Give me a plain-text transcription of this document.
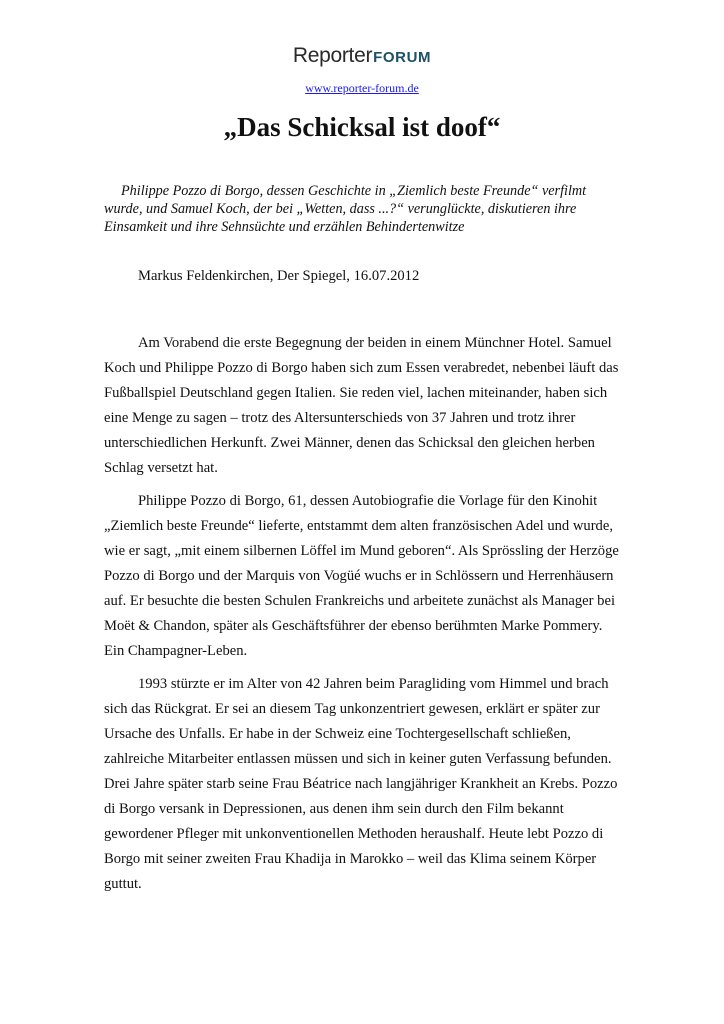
ReporterFORUM
www.reporter-forum.de
„Das Schicksal ist doof“

Philippe Pozzo di Borgo, dessen Geschichte in „Ziemlich beste Freunde“ verfilmt wurde, und Samuel Koch, der bei „Wetten, dass ...?“ verunglückte, diskutieren ihre Einsamkeit und ihre Sehnsüchte und erzählen Behindertenwitze

Markus Feldenkirchen, Der Spiegel, 16.07.2012

Am Vorabend die erste Begegnung der beiden in einem Münchner Hotel. Samuel Koch und Philippe Pozzo di Borgo haben sich zum Essen verabredet, nebenbei läuft das Fußballspiel Deutschland gegen Italien. Sie reden viel, lachen miteinander, haben sich eine Menge zu sagen – trotz des Altersunterschieds von 37 Jahren und trotz ihrer unterschiedlichen Herkunft. Zwei Männer, denen das Schicksal den gleichen herben Schlag versetzt hat.

Philippe Pozzo di Borgo, 61, dessen Autobiografie die Vorlage für den Kinohit „Ziemlich beste Freunde“ lieferte, entstammt dem alten französischen Adel und wurde, wie er sagt, „mit einem silbernen Löffel im Mund geboren“. Als Sprössling der Herzöge Pozzo di Borgo und der Marquis von Vogüé wuchs er in Schlössern und Herrenhäusern auf. Er besuchte die besten Schulen Frankreichs und arbeitete zunächst als Manager bei Moët & Chandon, später als Geschäftsführer der ebenso berühmten Marke Pommery. Ein Champagner-Leben.

1993 stürzte er im Alter von 42 Jahren beim Paragliding vom Himmel und brach sich das Rückgrat. Er sei an diesem Tag unkonzentriert gewesen, erklärt er später zur Ursache des Unfalls. Er habe in der Schweiz eine Tochtergesellschaft schließen, zahlreiche Mitarbeiter entlassen müssen und sich in keiner guten Verfassung befunden. Drei Jahre später starb seine Frau Béatrice nach langjähriger Krankheit an Krebs. Pozzo di Borgo versank in Depressionen, aus denen ihm sein durch den Film bekannt gewordener Pfleger mit unkonventionellen Methoden heraushalf. Heute lebt Pozzo di Borgo mit seiner zweiten Frau Khadija in Marokko – weil das Klima seinem Körper guttut.
